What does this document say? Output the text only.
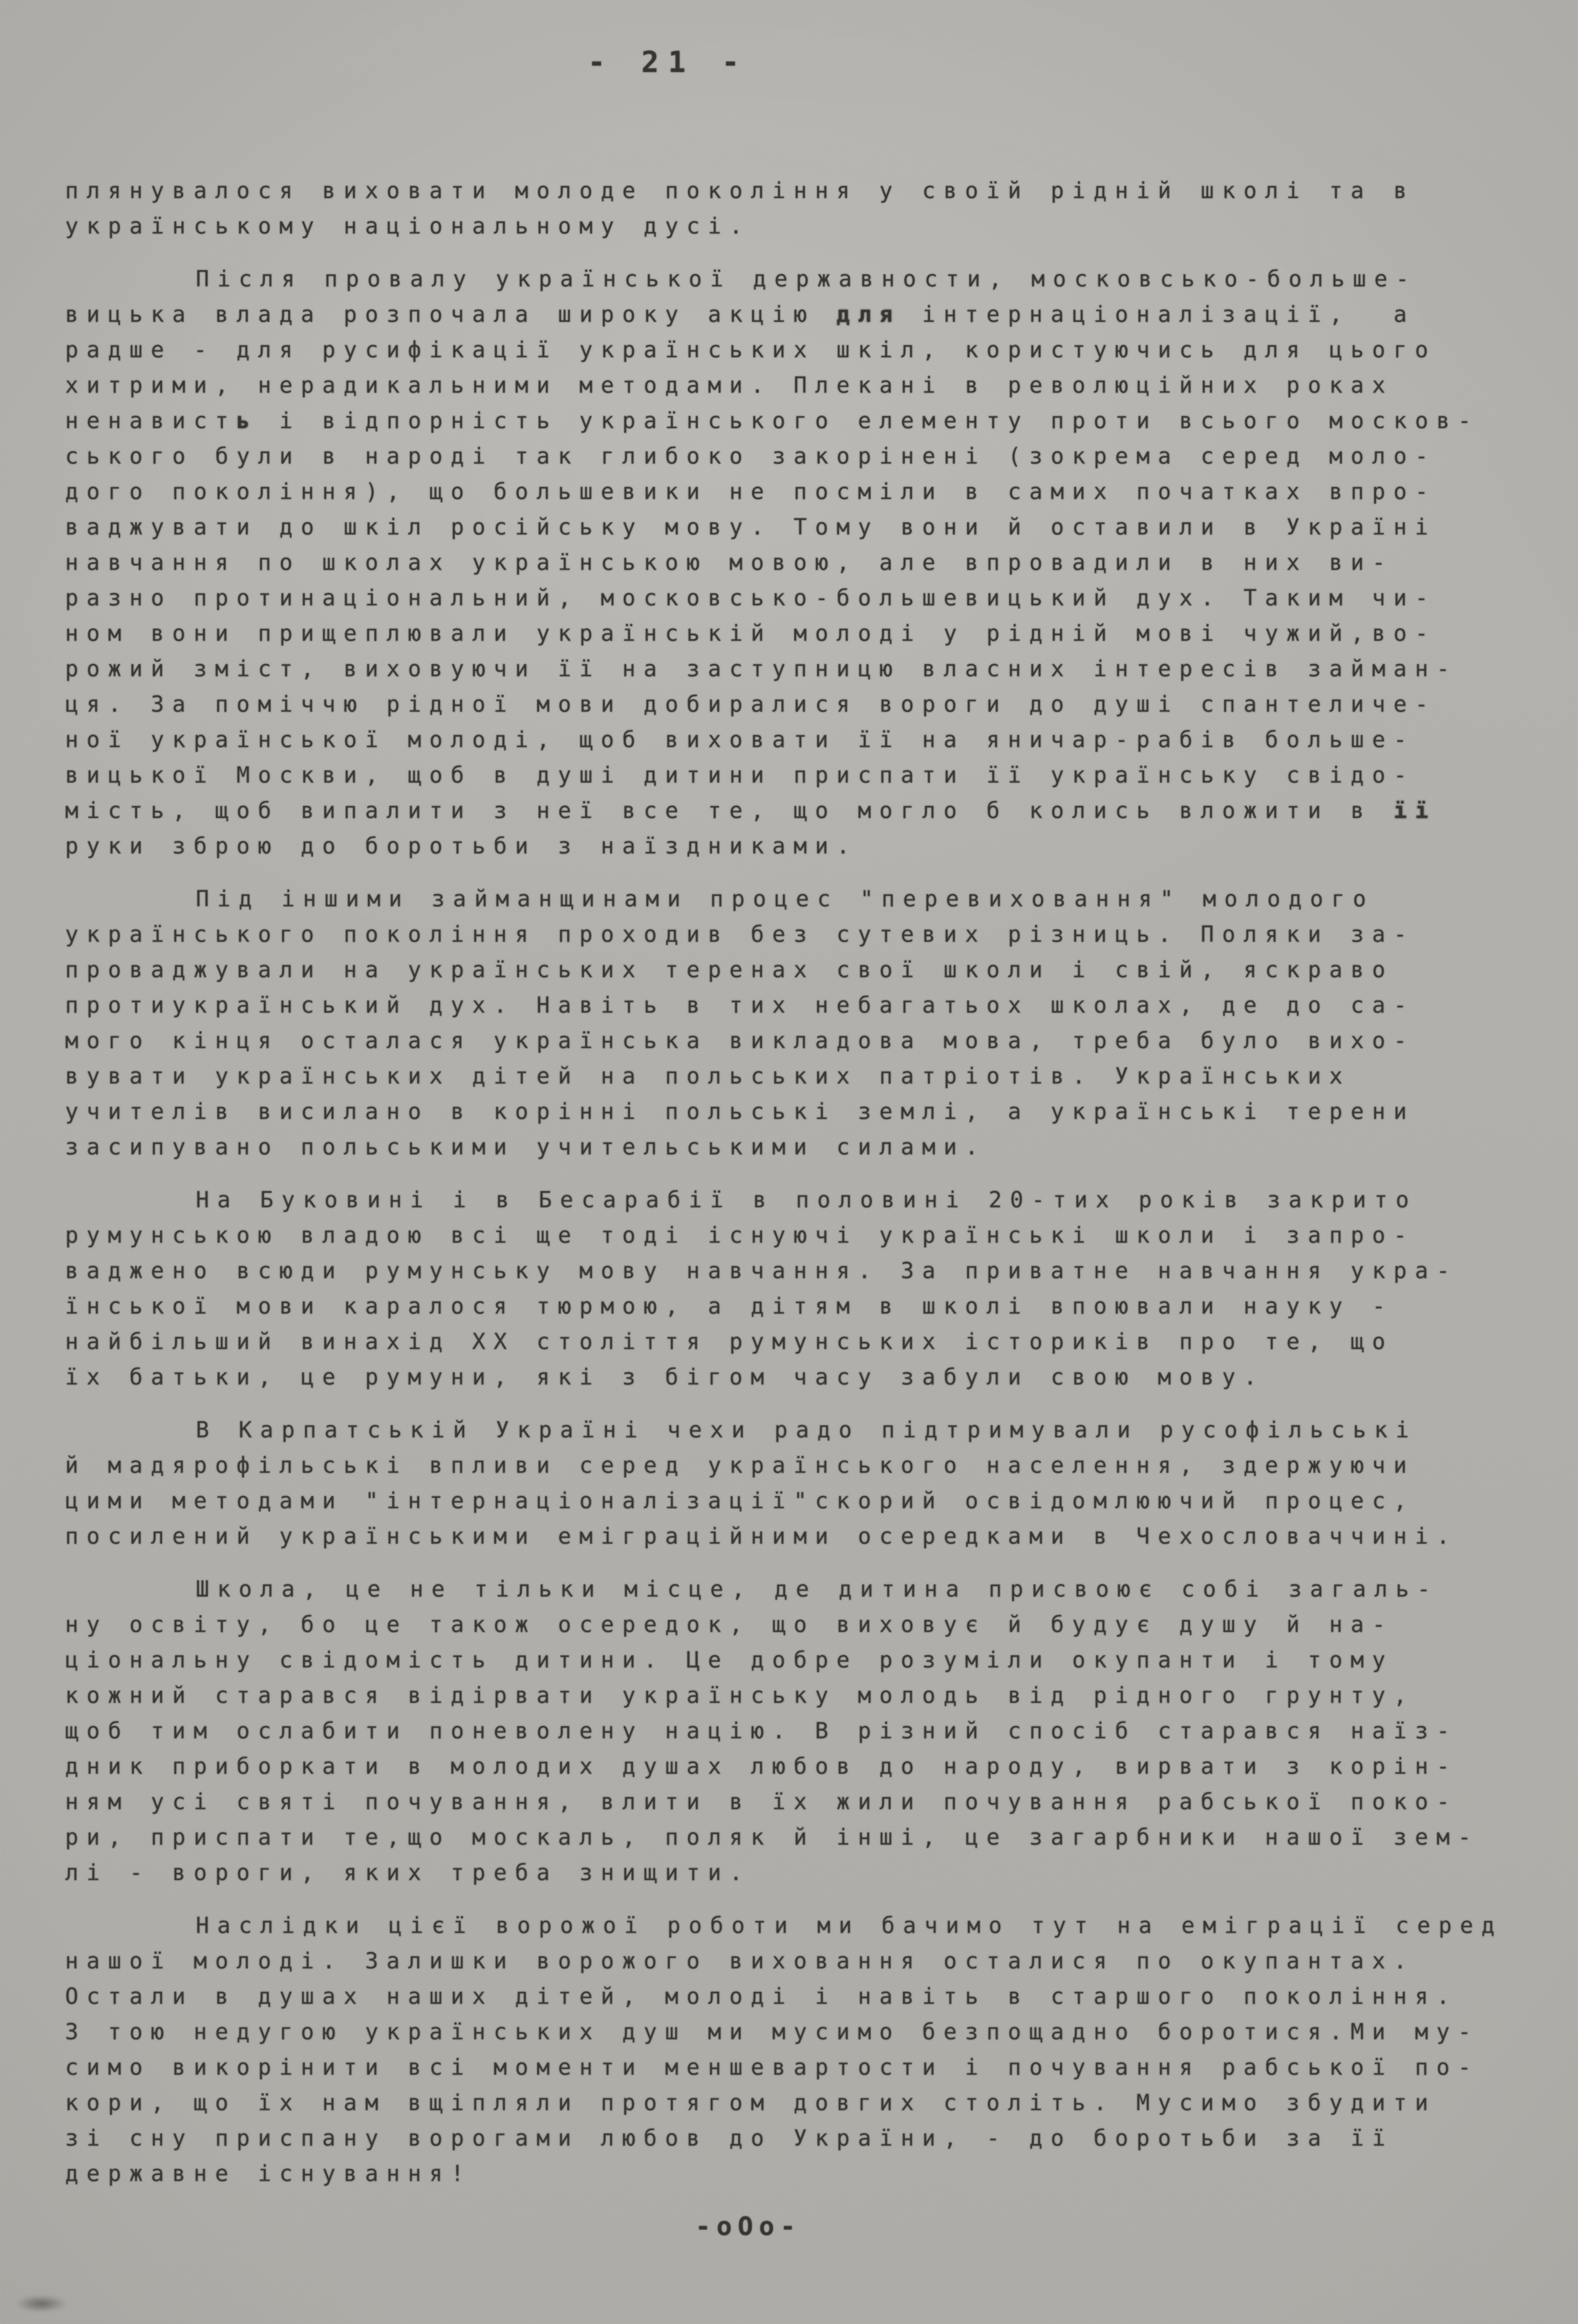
- 21 -

плянувалося виховати молоде покоління у своїй рідній школі та в
українському національному дусі.

Після провалу української державности, московсько-больше-
вицька влада розпочала широку акцію для інтернаціоналізації,  а
радше - для русифікації українських шкіл, користуючись для цього
хитрими, нерадикальними методами. Плекані в революційних роках
ненависть і відпорність українського елементу проти всього москов-
ського були в народі так глибоко закорінені (зокрема серед моло-
дого покоління), що большевики не посміли в самих початках впро-
ваджувати до шкіл російську мову. Тому вони й оставили в Україні
навчання по школах українською мовою, але впровадили в них ви-
разно протинаціональний, московсько-большевицький дух. Таким чи-
ном вони прищеплювали українській молоді у рідній мові чужий,во-
рожий зміст, виховуючи її на заступницю власних інтересів займан-
ця. За поміччю рідної мови добиралися вороги до душі спантеличе-
ної української молоді, щоб виховати її на яничар-рабів больше-
вицької Москви, щоб в душі дитини приспати її українську свідо-
мість, щоб випалити з неї все те, що могло б колись вложити в її
руки зброю до боротьби з наїздниками.

Під іншими займанщинами процес "перевиховання" молодого
українського покоління проходив без сутевих різниць. Поляки за-
проваджували на українських теренах свої школи і свій, яскраво
протиукраїнський дух. Навіть в тих небагатьох школах, де до са-
мого кінця осталася українська викладова мова, треба було вихо-
вувати українських дітей на польських патріотів. Українських
учителів висилано в корінні польські землі, а українські терени
засипувано польськими учительськими силами.

На Буковині і в Бесарабії в половині 20-тих років закрито
румунською владою всі ще тоді існуючі українські школи і запро-
ваджено всюди румунську мову навчання. За приватне навчання укра-
їнської мови каралося тюрмою, а дітям в школі впоювали науку -
найбільший винахід ХХ століття румунських істориків про те, що
їх батьки, це румуни, які з бігом часу забули свою мову.

В Карпатській Україні чехи радо підтримували русофільські
й мадярофільські впливи серед українського населення, здержуючи
цими методами "інтернаціоналізації"скорий освідомлюючий процес,
посилений українськими еміграційними осередками в Чехословаччині.

Школа, це не тільки місце, де дитина присвоює собі загаль-
ну освіту, бо це також осередок, що виховує й будує душу й на-
ціональну свідомість дитини. Це добре розуміли окупанти і тому
кожний старався відірвати українську молодь від рідного грунту,
щоб тим ослабити поневолену націю. В різний спосіб старався наїз-
дник приборкати в молодих душах любов до народу, вирвати з корін-
ням усі святі почування, влити в їх жили почування рабської поко-
ри, приспати те,що москаль, поляк й інші, це загарбники нашої зем-
лі - вороги, яких треба знищити.

Наслідки цієї ворожої роботи ми бачимо тут на еміграції серед
нашої молоді. Залишки ворожого виховання осталися по окупантах.
Остали в душах наших дітей, молоді і навіть в старшого покоління.
З тою недугою українських душ ми мусимо безпощадно боротися.Ми му-
симо викорінити всі моменти меншевартости і почування рабської по-
кори, що їх нам вщіпляли протягом довгих століть. Мусимо збудити
зі сну приспану ворогами любов до України, - до боротьби за її
державне існування!

-оОо-
